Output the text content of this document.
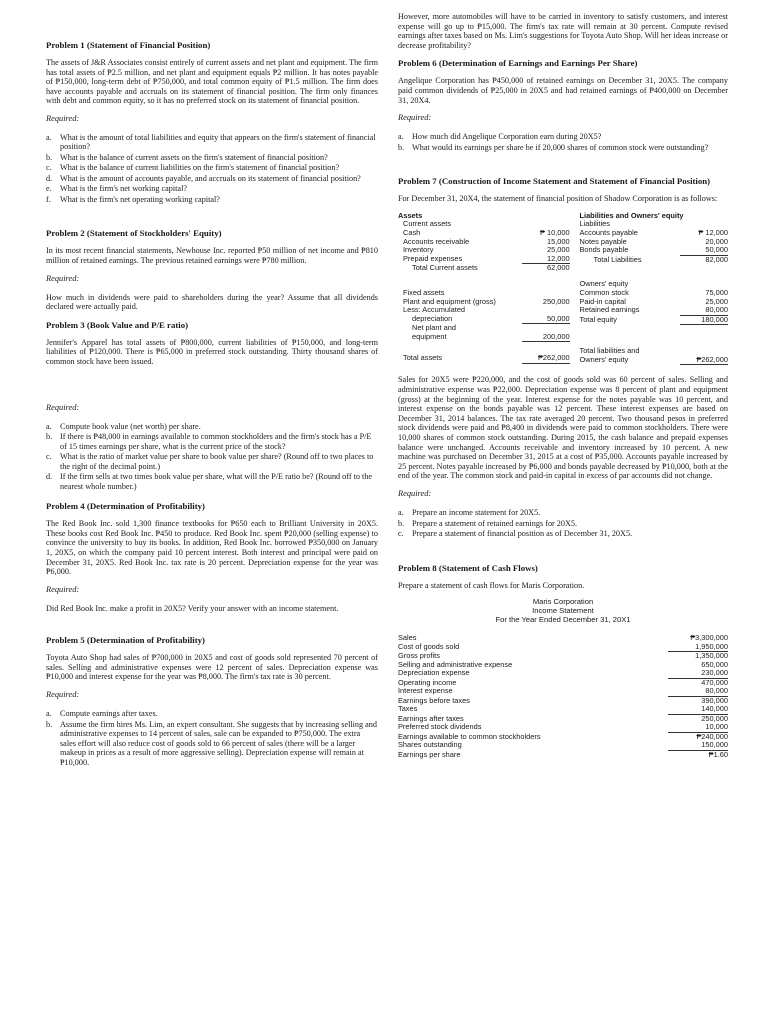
Problem 1 (Statement of Financial Position)

The assets of J&R Associates consist entirely of current assets and net plant and equipment. The firm has total assets of ₱2.5 million, and net plant and equipment equals ₱2 million. It has notes payable of ₱150,000, long-term debt of ₱750,000, and total common equity of ₱1.5 million. The firm does have accounts payable and accruals on its statement of financial position. The firm only finances with debt and common equity, so it has no preferred stock on its statement of financial position.

Required:
a.	What is the amount of total liabilities and equity that appears on the firm's statement of financial position?
b. What is the balance of current assets on the firm's statement of financial position?
c.	What is the balance of current liabilities on the firm's statement of financial position?
d. What is the amount of accounts payable, and accruals on its statement of financial position?
e.	What is the firm's net working capital?
f.	What is the firm's net operating working capital?
Problem 2 (Statement of Stockholders' Equity)

In its most recent financial statements, Newhouse Inc. reported ₱50 million of net income and ₱810 million of retained earnings. The previous retained earnings were ₱780 million.

Required:

How much in dividends were paid to shareholders during the year? Assume that all dividends declared were actually paid.

Problem 3 (Book Value and P/E ratio)

Jennifer's Apparel has total assets of ₱800,000, current liabilities of ₱150,000, and long-term liabilities of ₱120,000. There is ₱65,000 in preferred stock outstanding. Thirty thousand shares of common stock have been issued.

Required:
a.	Compute book value (net worth) per share.
b. If there is ₱48,000 in earnings available to common stockholders and the firm's stock has a P/E of 15 times earnings per share, what is the current price of the stock?
c.	What is the ratio of market value per share to book value per share? (Round off to two places to the right of the decimal point.)
d. If the firm sells at two times book value per share, what will the P/E ratio be? (Round off to the nearest whole number.)
Problem 4 (Determination of Profitability)

The Red Book Inc. sold 1,300 finance textbooks for ₱650 each to Brilliant University in 20X5. These books cost Red Book Inc. ₱450 to produce. Red Book Inc. spent ₱20,000 (selling expense) to convince the university to buy its books. In addition, Red Book Inc. borrowed ₱350,000 on January 1, 20X5, on which the company paid 10 percent interest. Both interest and principal were paid on December 31, 20X5. Red Book Inc. tax rate is 20 percent. Depreciation expense for the year was ₱6,000.

Required:

Did Red Book Inc. make a profit in 20X5? Verify your answer with an income statement.

Problem 5 (Determination of Profitability)

Toyota Auto Shop had sales of ₱700,000 in 20X5 and cost of goods sold represented 70 percent of sales. Selling and administrative expenses were 12 percent of sales. Depreciation expense was ₱10,000 and interest expense for the year was ₱8,000. The firm's tax rate is 30 percent.

Required:
a.	Compute earnings after taxes.
b. Assume the firm hires Ms. Lim, an expert consultant. She suggests that by increasing selling and administrative expenses to 14 percent of sales, sale can be expanded to ₱750,000. The extra sales effort will also reduce cost of goods sold to 66 percent of sales (there will be a larger makeup in prices as a result of more aggressive selling). Depreciation expense will remain at ₱10,000.

However, more automobiles will have to be carried in inventory to satisfy customers, and interest expense will go up to ₱15,000. The firm's tax rate will remain at 30 percent. Compute revised earnings after taxes based on Ms. Lim's suggestions for Toyota Auto Shop. Will her ideas increase or decrease profitability?

Problem 6 (Determination of Earnings and Earnings Per Share)

Angelique Corporation has ₱450,000 of retained earnings on December 31, 20X5. The company paid common dividends of ₱25,000 in 20X5 and had retained earnings of ₱400,000 on December 31, 20X4.

Required:
a.	How much did Angelique Corporation earn during 20X5?
b. What would its earnings per share be if 20,000 shares of common stock were outstanding?
Problem 7 (Construction of Income Statement and Statement of Financial Position)

For December 31, 20X4, the statement of financial position of Shadow Corporation is as follows:

Assets
Current assets
Cash	₱ 10,000
Accounts receivable	15,000
Inventory	25,000
Prepaid expenses	12,000
Total Current assets	62,000
Fixed assets
Plant and equipment (gross)	250,000
Less: Accumulated
depreciation	50,000
Net plant and
equipment	200,000
Total assets	₱262,000
Liabilities and Owners' equity
Liabilities
Accounts payable	₱ 12,000
Notes payable	20,000
Bonds payable	50,000
Total Liabilities	82,000
Owners' equity
Common stock	75,000
Paid-in capital	25,000
Retained earnings	80,000
Total equity	180,000
Total liabilities and
Owners' equity	₱262,000

Sales for 20X5 were ₱220,000, and the cost of goods sold was 60 percent of sales. Selling and administrative expense was ₱22,000. Depreciation expense was 8 percent of plant and equipment (gross) at the beginning of the year. Interest expense for the notes payable was 10 percent, and interest expense on the bonds payable was 12 percent. These interest expenses are based on December 31, 2014 balances. The tax rate averaged 20 percent. Two thousand pesos in preferred stock dividends were paid and ₱8,400 in dividends were paid to common stockholders. There were 10,000 shares of common stock outstanding. During 2015, the cash balance and prepaid expenses balance were unchanged. Accounts receivable and inventory increased by 10 percent. A new machine was purchased on December 31, 2015 at a cost of ₱35,000. Accounts payable increased by 25 percent. Notes payable increased by ₱6,000 and bonds payable decreased by ₱10,000, both at the end of the year. The common stock and paid-in capital in excess of par accounts did not change.

Required:
a.	Prepare an income statement for 20X5.
b. Prepare a statement of retained earnings for 20X5.
c.	Prepare a statement of financial position as of December 31, 20X5.
Problem 8 (Statement of Cash Flows)

Prepare a statement of cash flows for Maris Corporation.

Maris Corporation
Income Statement
For the Year Ended December 31, 20X1
Sales	₱3,300,000
Cost of goods sold	1,950,000
Gross profits	1,350,000
Selling and administrative expense	650,000
Depreciation expense	230,000
Operating income	470,000
Interest expense	80,000
Earnings before taxes	390,000
Taxes	140,000
Earnings after taxes	250,000
Preferred stock dividends	10,000
Earnings available to common stockholders	₱240,000
Shares outstanding	150,000
Earnings per share	₱1.60
